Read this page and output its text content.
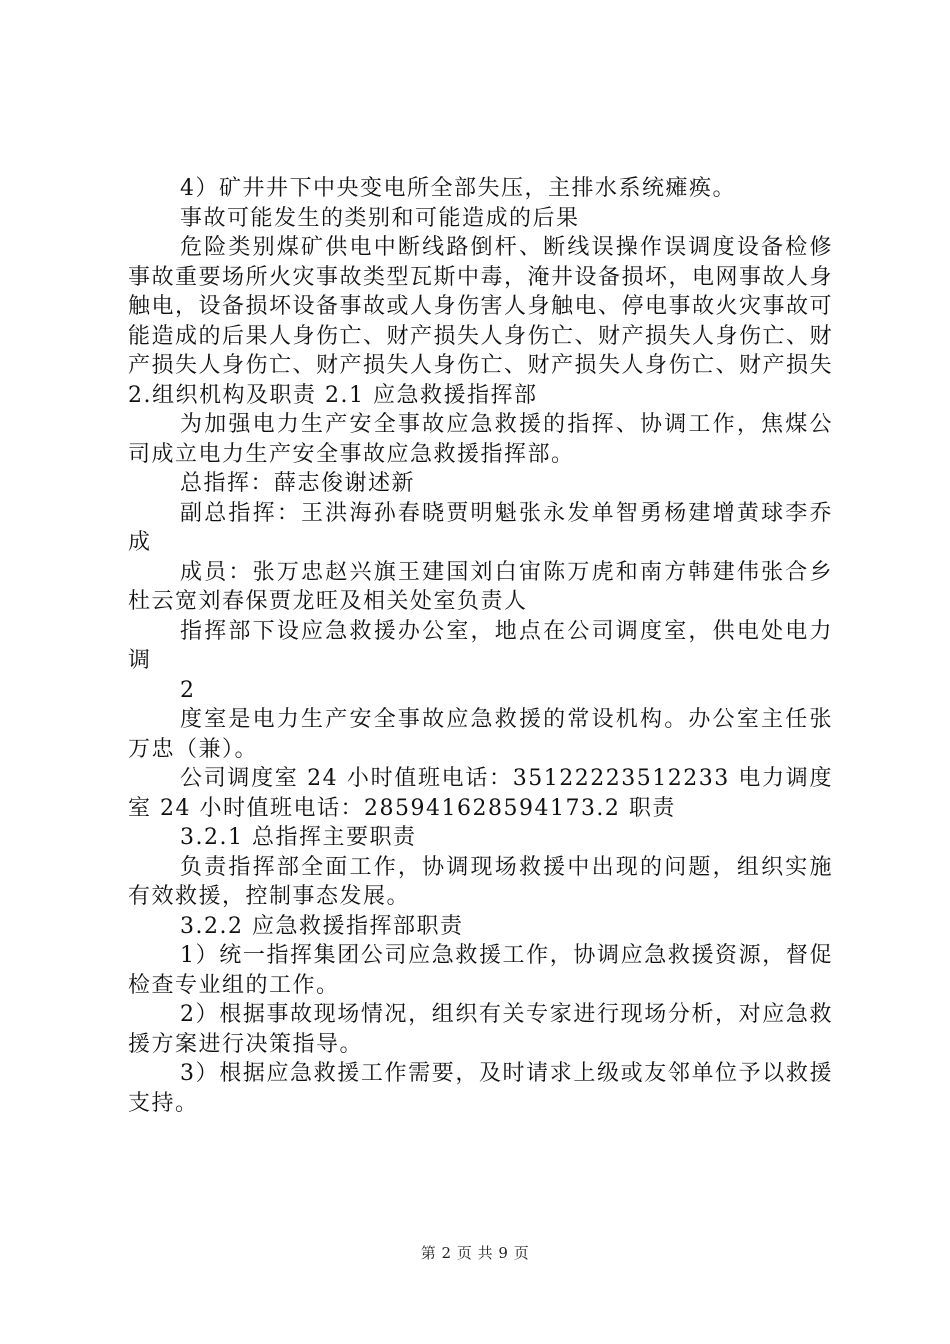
4）矿井井下中央变电所全部失压，主排水系统瘫痪。

事故可能发生的类别和可能造成的后果

危险类别煤矿供电中断线路倒杆、断线误操作误调度设备检修事故重要场所火灾事故类型瓦斯中毒，淹井设备损坏，电网事故人身触电，设备损坏设备事故或人身伤害人身触电、停电事故火灾事故可能造成的后果人身伤亡、财产损失人身伤亡、财产损失人身伤亡、财产损失人身伤亡、财产损失人身伤亡、财产损失人身伤亡、财产损失 2.组织机构及职责 2.1 应急救援指挥部

为加强电力生产安全事故应急救援的指挥、协调工作，焦煤公司成立电力生产安全事故应急救援指挥部。

总指挥：薛志俊谢述新

副总指挥：王洪海孙春晓贾明魁张永发单智勇杨建增黄球李乔成

成员：张万忠赵兴旗王建国刘白宙陈万虎和南方韩建伟张合乡杜云宽刘春保贾龙旺及相关处室负责人

指挥部下设应急救援办公室，地点在公司调度室，供电处电力调

2

度室是电力生产安全事故应急救援的常设机构。办公室主任张万忠（兼）。

公司调度室 24 小时值班电话：35122223512233 电力调度室 24 小时值班电话：285941628594173.2 职责

3.2.1 总指挥主要职责

负责指挥部全面工作，协调现场救援中出现的问题，组织实施有效救援，控制事态发展。

3.2.2 应急救援指挥部职责

1）统一指挥集团公司应急救援工作，协调应急救援资源，督促检查专业组的工作。

2）根据事故现场情况，组织有关专家进行现场分析，对应急救援方案进行决策指导。

3）根据应急救援工作需要，及时请求上级或友邻单位予以救援支持。

第 2 页 共 9 页
